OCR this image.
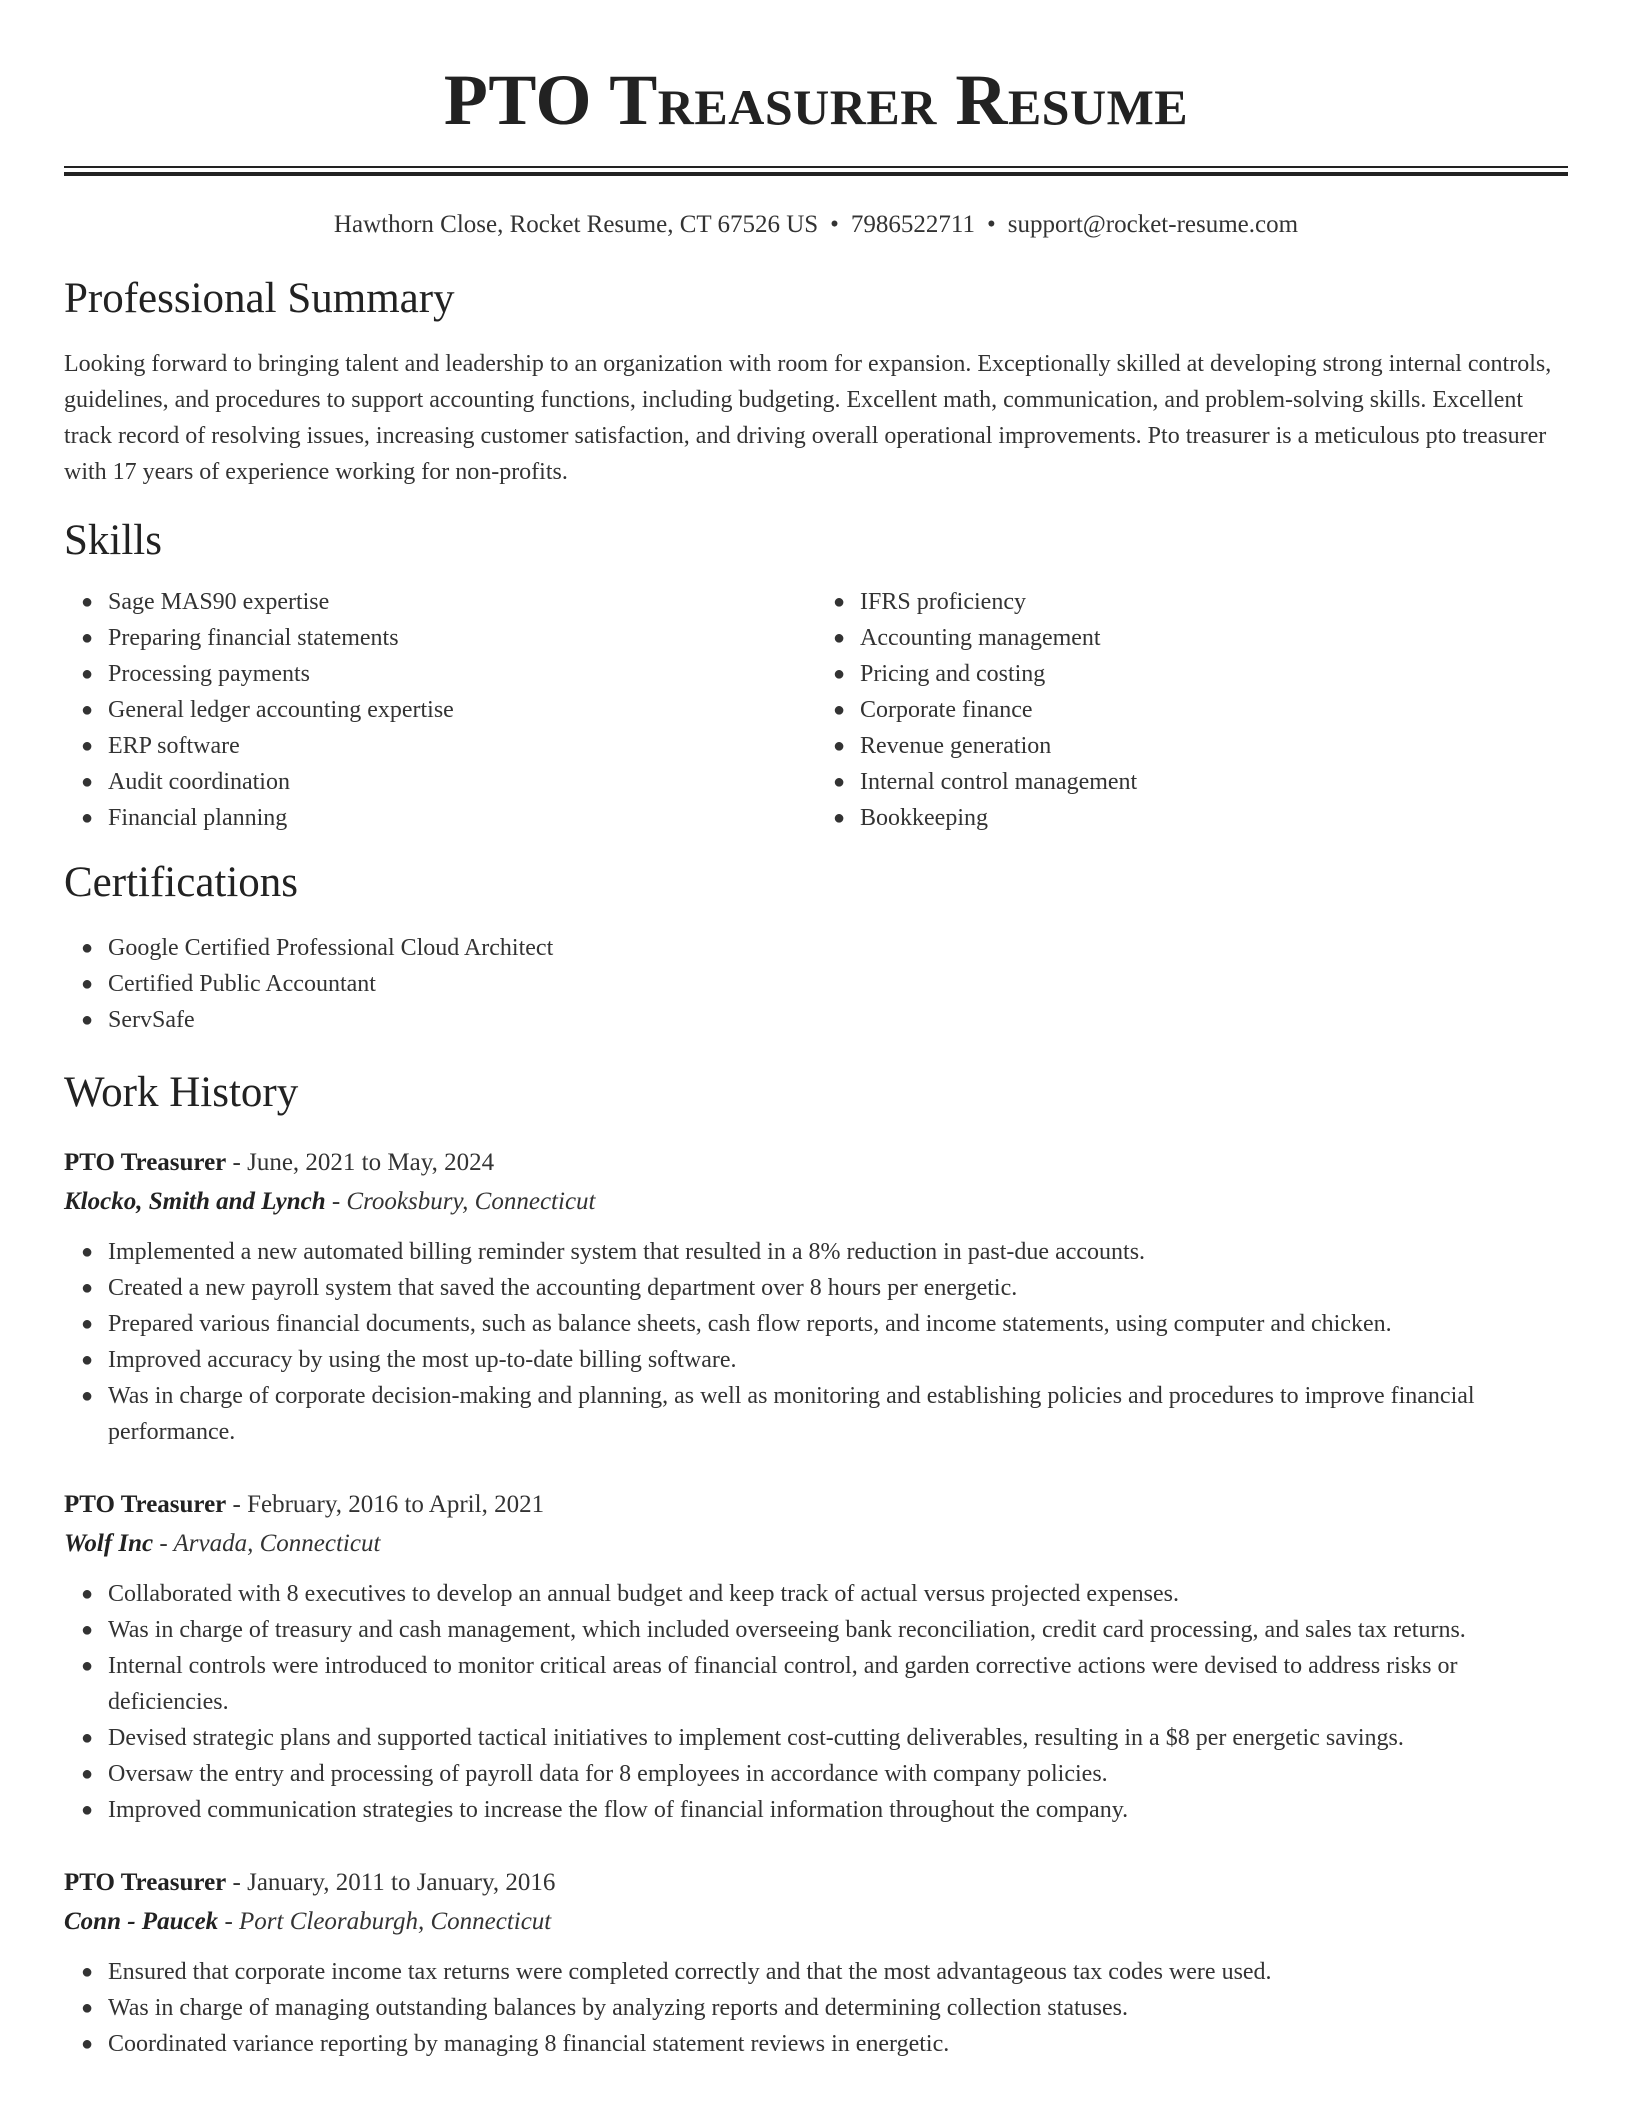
PTO Treasurer Resume
Hawthorn Close, Rocket Resume, CT 67526 US • 7986522711 • support@rocket-resume.com
Professional Summary
Looking forward to bringing talent and leadership to an organization with room for expansion. Exceptionally skilled at developing strong internal controls, guidelines, and procedures to support accounting functions, including budgeting. Excellent math, communication, and problem-solving skills. Excellent track record of resolving issues, increasing customer satisfaction, and driving overall operational improvements. Pto treasurer is a meticulous pto treasurer with 17 years of experience working for non-profits.
Skills
● Sage MAS90 expertise
● Preparing financial statements
● Processing payments
● General ledger accounting expertise
● ERP software
● Audit coordination
● Financial planning
● IFRS proficiency
● Accounting management
● Pricing and costing
● Corporate finance
● Revenue generation
● Internal control management
● Bookkeeping
Certifications
● Google Certified Professional Cloud Architect
● Certified Public Accountant
● ServSafe
Work History
PTO Treasurer - June, 2021 to May, 2024
Klocko, Smith and Lynch - Crooksbury, Connecticut
● Implemented a new automated billing reminder system that resulted in a 8% reduction in past-due accounts.
● Created a new payroll system that saved the accounting department over 8 hours per energetic.
● Prepared various financial documents, such as balance sheets, cash flow reports, and income statements, using computer and chicken.
● Improved accuracy by using the most up-to-date billing software.
● Was in charge of corporate decision-making and planning, as well as monitoring and establishing policies and procedures to improve financial performance.
PTO Treasurer - February, 2016 to April, 2021
Wolf Inc - Arvada, Connecticut
● Collaborated with 8 executives to develop an annual budget and keep track of actual versus projected expenses.
● Was in charge of treasury and cash management, which included overseeing bank reconciliation, credit card processing, and sales tax returns.
● Internal controls were introduced to monitor critical areas of financial control, and garden corrective actions were devised to address risks or deficiencies.
● Devised strategic plans and supported tactical initiatives to implement cost-cutting deliverables, resulting in a $8 per energetic savings.
● Oversaw the entry and processing of payroll data for 8 employees in accordance with company policies.
● Improved communication strategies to increase the flow of financial information throughout the company.
PTO Treasurer - January, 2011 to January, 2016
Conn - Paucek - Port Cleoraburgh, Connecticut
● Ensured that corporate income tax returns were completed correctly and that the most advantageous tax codes were used.
● Was in charge of managing outstanding balances by analyzing reports and determining collection statuses.
● Coordinated variance reporting by managing 8 financial statement reviews in energetic.
